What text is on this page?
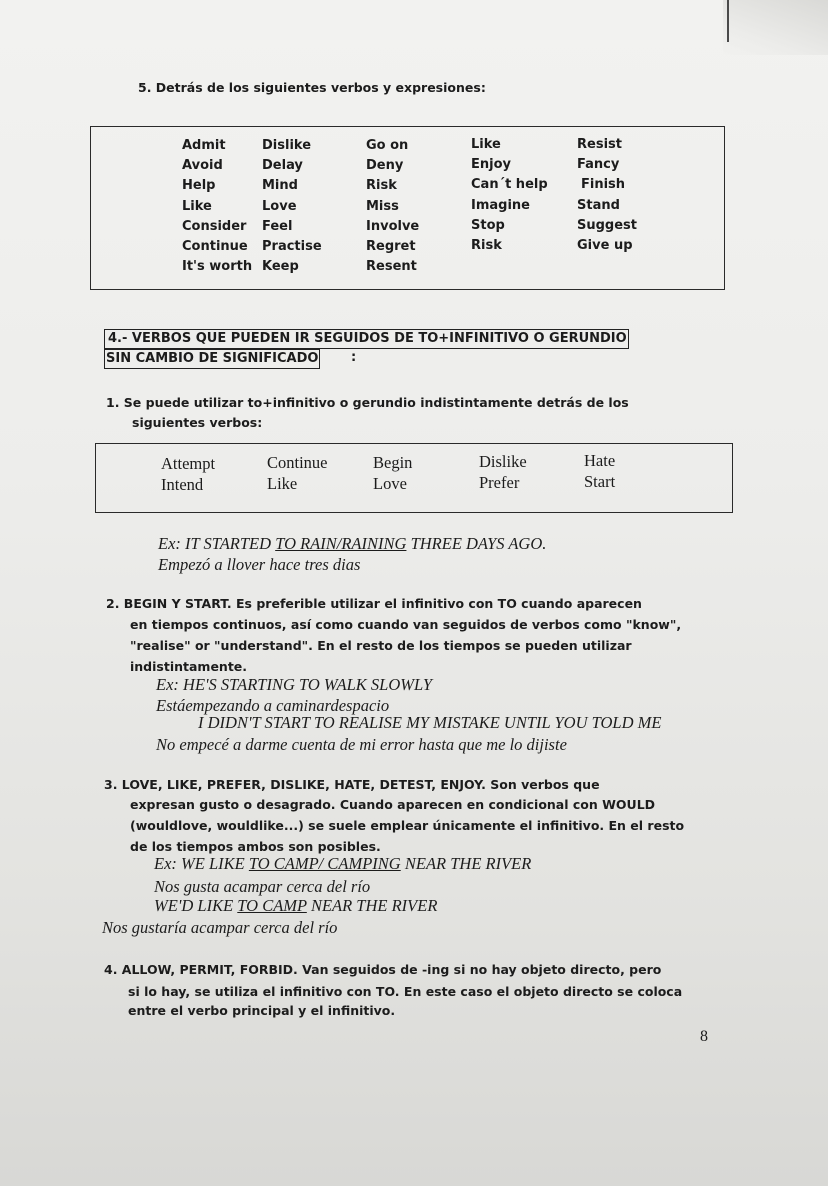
5. Detrás de los siguientes verbos y expresiones:
Admit
Avoid
Help
Like
Consider
Continue
It's worth
Dislike
Delay
Mind
Love
Feel
Practise
Keep
Go on
Deny
Risk
Miss
Involve
Regret
Resent
Like
Enjoy
Can´t help
Imagine
Stop
Risk
Resist
Fancy
Finish
Stand
Suggest
Give up
4.- VERBOS QUE PUEDEN IR SEGUIDOS DE TO+INFINITIVO O GERUNDIO
SIN CAMBIO DE SIGNIFICADO	:
1. Se puede utilizar to+infinitivo o gerundio indistintamente detrás de los
siguientes verbos:
Attempt
Intend
Continue
Like
Begin
Love
Dislike
Prefer
Hate
Start
Ex: IT STARTED TO RAIN/RAINING THREE DAYS AGO.
Empezó a llover hace tres dias
2. BEGIN Y START. Es preferible utilizar el infinitivo con TO cuando aparecen
en tiempos continuos, así como cuando van seguidos de verbos como "know",
"realise" or "understand". En el resto de los tiempos se pueden utilizar
indistintamente.
Ex: HE'S STARTING TO WALK SLOWLY
Estáempezando a caminardespacio
I DIDN'T START TO REALISE MY MISTAKE UNTIL YOU TOLD ME
No empecé a darme cuenta de mi error hasta que me lo dijiste
3. LOVE, LIKE, PREFER, DISLIKE, HATE, DETEST, ENJOY. Son verbos que
expresan gusto o desagrado. Cuando aparecen en condicional con WOULD
(wouldlove, wouldlike...) se suele emplear únicamente el infinitivo. En el resto
de los tiempos ambos son posibles.
Ex: WE LIKE TO CAMP/ CAMPING NEAR THE RIVER
Nos gusta acampar cerca del río
WE'D LIKE TO CAMP NEAR THE RIVER
Nos gustaría acampar cerca del río
4. ALLOW, PERMIT, FORBID. Van seguidos de -ing si no hay objeto directo, pero
si lo hay, se utiliza el infinitivo con TO. En este caso el objeto directo se coloca
entre el verbo principal y el infinitivo.
8
